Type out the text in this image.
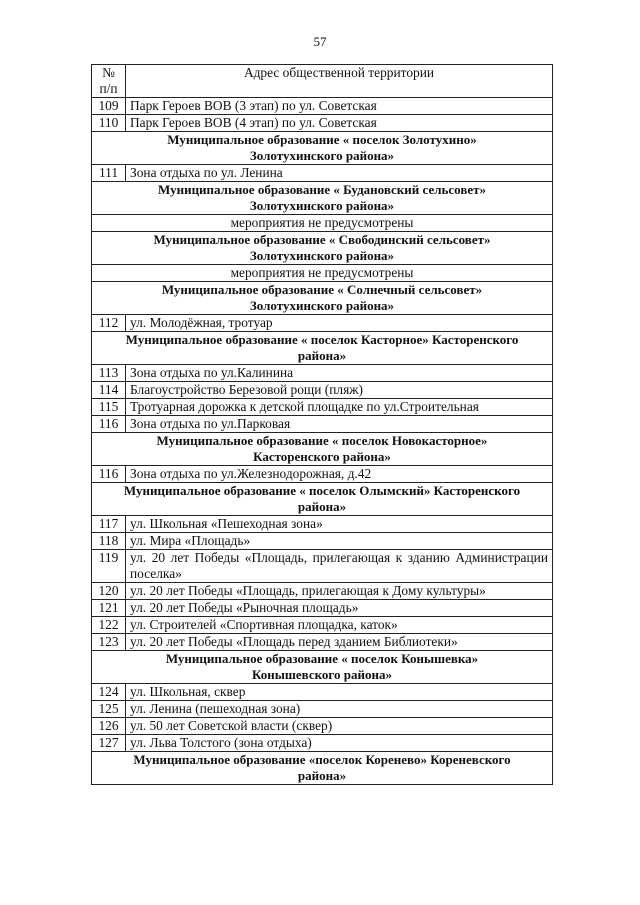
57
№
п/п	Адрес общественной территории
109	Парк Героев ВОВ (3 этап) по ул. Советская
110	Парк Героев ВОВ (4 этап) по ул. Советская

Муниципальное образование « поселок Золотухино»
Золотухинского района»	

111	Зона отдыха по ул. Ленина

Муниципальное образование « Будановский сельсовет»
Золотухинского района»	

мероприятия не предусмотрены	

Муниципальное образование « Свободинский сельсовет»
Золотухинского района»	

мероприятия не предусмотрены	

Муниципальное образование « Солнечный сельсовет»
Золотухинского района»	

112	ул. Молодёжная, тротуар

Муниципальное образование « поселок Касторное» Касторенского
района»	

113	Зона отдыха по ул.Калинина
114	Благоустройство Березовой рощи (пляж)
115	Тротуарная дорожка к детской площадке по ул.Строительная
116	Зона отдыха по ул.Парковая

Муниципальное образование « поселок Новокасторное»
Касторенского района»	

116	Зона отдыха по ул.Железнодорожная, д.42

Муниципальное образование « поселок Олымский» Касторенского
района»	

117	ул. Школьная «Пешеходная зона»
118	ул. Мира «Площадь»
119	ул. 20 лет Победы «Площадь, прилегающая к зданию Администрации поселка»
120	ул. 20 лет Победы «Площадь, прилегающая к Дому культуры»
121	ул. 20 лет Победы «Рыночная площадь»
122	ул. Строителей «Спортивная площадка, каток»
123	ул. 20 лет Победы «Площадь перед зданием Библиотеки»

Муниципальное образование « поселок Конышевка»
Конышевского района»	

124	ул. Школьная, сквер
125	ул. Ленина (пешеходная зона)
126	ул. 50 лет Советской власти (сквер)
127	ул. Льва Толстого (зона отдыха)

Муниципальное образование «поселок Коренево» Кореневского
района»	
